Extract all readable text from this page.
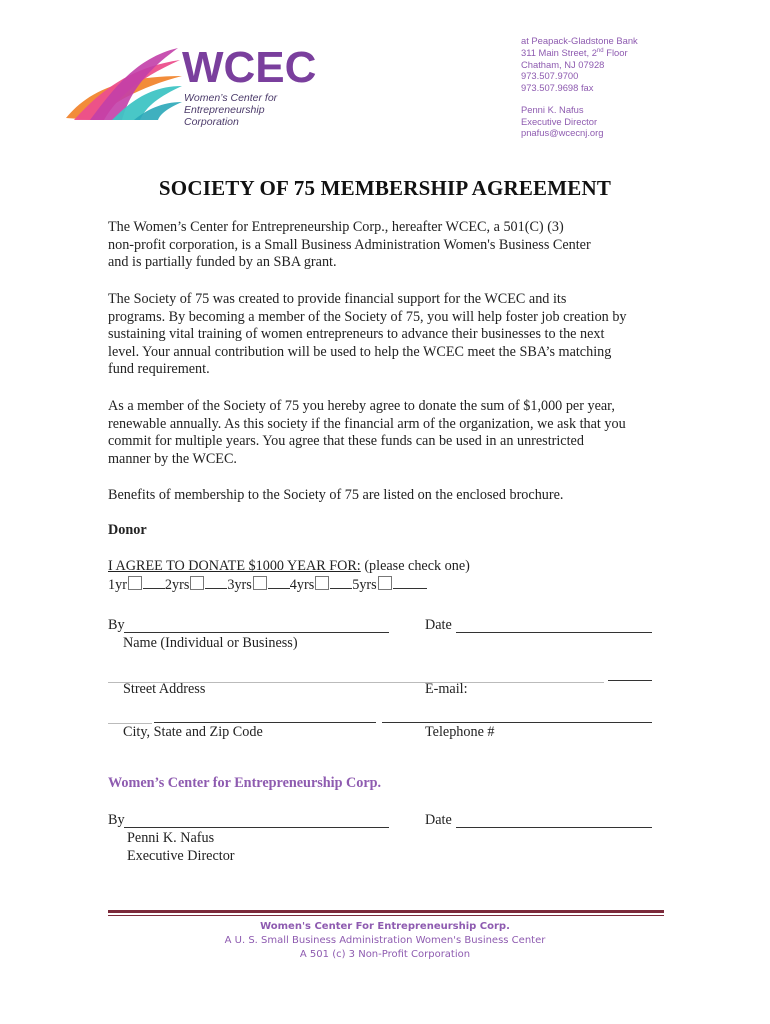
WCEC
Women’s Center for
Entrepreneurship Corporation
at Peapack-Gladstone Bank
311 Main Street, 2nd Floor
Chatham, NJ 07928
973.507.9700
973.507.9698 fax
Penni K. Nafus
Executive Director
pnafus@wcecnj.org
SOCIETY OF 75 MEMBERSHIP AGREEMENT
The Women’s Center for Entrepreneurship Corp., hereafter WCEC, a 501(C) (3)
non-profit corporation, is a Small Business Administration Women's Business Center
and is partially funded by an SBA grant.
The Society of 75 was created to provide financial support for the WCEC and its
programs. By becoming a member of the Society of 75, you will help foster job creation by
sustaining vital training of women entrepreneurs to advance their businesses to the next
level. Your annual contribution will be used to help the WCEC meet the SBA’s matching
fund requirement.
As a member of the Society of 75 you hereby agree to donate the sum of $1,000 per year,
renewable annually. As this society if the financial arm of the organization, we ask that you
commit for multiple years. You agree that these funds can be used in an unrestricted
manner by the WCEC.
Benefits of membership to the Society of 75 are listed on the enclosed brochure.
Donor
I AGREE TO DONATE $1000 YEAR FOR: (please check one)
1yr	2yrs	3yrs	4yrs	5yrs
By	Date
Name (Individual or Business)
Street Address	E-mail:
City, State and Zip Code	Telephone #
Women’s Center for Entrepreneurship Corp.
By	Date
Penni K. Nafus
Executive Director
Women's Center For Entrepreneurship Corp.
A U. S. Small Business Administration Women's Business Center
A 501 (c) 3 Non-Profit Corporation
